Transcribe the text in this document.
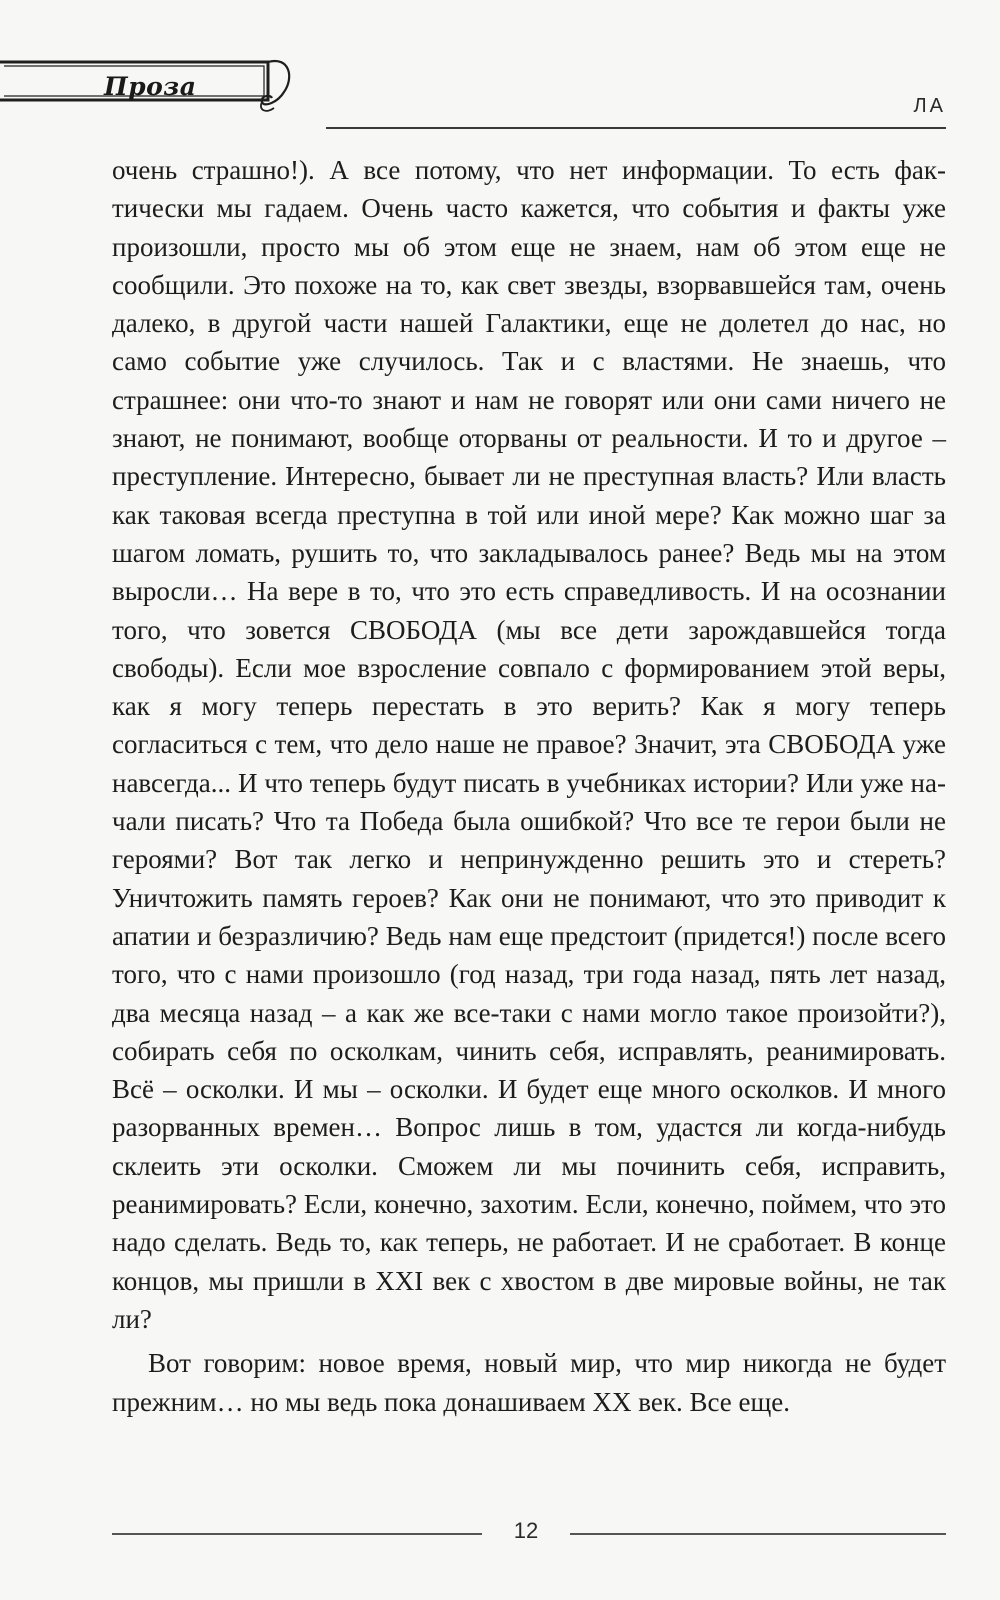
Проза
ЛА

очень страшно!). А все потому, что нет информации. То есть фактически мы гадаем. Очень часто кажется, что события и факты уже произошли, просто мы об этом еще не знаем, нам об этом еще не сообщили. Это похоже на то, как свет звезды, взорвавшейся там, очень далеко, в другой части нашей Галактики, еще не долетел до нас, но само событие уже случилось. Так и с властями. Не знаешь, что страшнее: они что-то знают и нам не говорят или они сами ничего не знают, не понимают, вообще оторваны от реальности. И то и другое – преступление. Интересно, бывает ли не преступная власть? Или власть как таковая всегда преступна в той или иной мере? Как можно шаг за шагом ломать, рушить то, что закладывалось ранее? Ведь мы на этом выросли… На вере в то, что это есть справедливость. И на осознании того, что зовется СВОБОДА (мы все дети зарождавшейся тогда свободы). Если мое взросление совпало с формированием этой веры, как я могу теперь перестать в это верить? Как я могу теперь согласиться с тем, что дело наше не правое? Значит, эта СВОБОДА уже навсегда... И что теперь будут писать в учебниках истории? Или уже начали писать? Что та Победа была ошибкой? Что все те герои были не героями? Вот так легко и непринужденно решить это и стереть? Уничтожить память героев? Как они не понимают, что это приводит к апатии и безразличию? Ведь нам еще предстоит (придется!) после всего того, что с нами произошло (год назад, три года назад, пять лет назад, два месяца назад – а как же все-таки с нами могло такое произойти?), собирать себя по осколкам, чинить себя, исправлять, реанимировать. Всё – осколки. И мы – осколки. И будет еще много осколков. И много разорванных времен… Вопрос лишь в том, удастся ли когда-нибудь склеить эти осколки. Сможем ли мы починить себя, исправить, реанимировать? Если, конечно, захотим. Если, конечно, поймем, что это надо сделать. Ведь то, как теперь, не работает. И не сработает. В конце концов, мы пришли в XXI век с хвостом в две мировые войны, не так ли?

Вот говорим: новое время, новый мир, что мир никогда не будет прежним… но мы ведь пока донашиваем XX век. Все еще.

12
